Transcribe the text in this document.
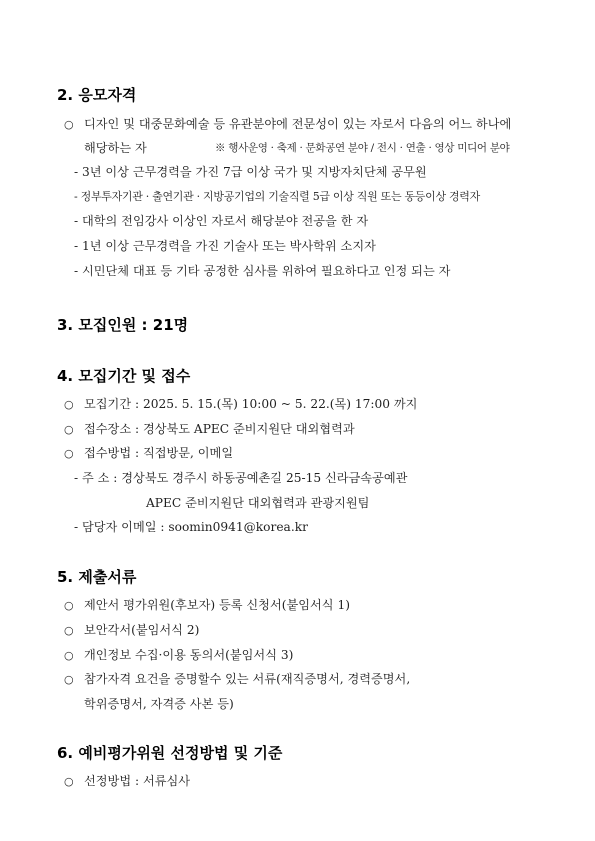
2. 응모자격
○ 디자인 및 대중문화예술 등 유관분야에 전문성이 있는 자로서 다음의 어느 하나에
해당하는 자	※ 행사운영 · 축제 · 문화공연 분야 / 전시 · 연출 · 영상 미디어 분야
- 3년 이상 근무경력을 가진 7급 이상 국가 및 지방자치단체 공무원
- 정부투자기관 · 출연기관 · 지방공기업의 기술직렬 5급 이상 직원 또는 동등이상 경력자
- 대학의 전임강사 이상인 자로서 해당분야 전공을 한 자
- 1년 이상 근무경력을 가진 기술사 또는 박사학위 소지자
- 시민단체 대표 등 기타 공정한 심사를 위하여 필요하다고 인정 되는 자
3. 모집인원 : 21명
4. 모집기간 및 접수
○ 모집기간 : 2025. 5. 15.(목) 10:00 ~ 5. 22.(목) 17:00 까지
○ 접수장소 : 경상북도 APEC 준비지원단 대외협력과
○ 접수방법 : 직접방문, 이메일
- 주 소 : 경상북도 경주시 하동공예촌길 25-15 신라금속공예관
APEC 준비지원단 대외협력과 관광지원팀
- 담당자 이메일 : soomin0941@korea.kr
5. 제출서류
○ 제안서 평가위원(후보자) 등록 신청서(붙임서식 1)
○ 보안각서(붙임서식 2)
○ 개인정보 수집·이용 동의서(붙임서식 3)
○ 참가자격 요건을 증명할수 있는 서류(재직증명서, 경력증명서,
학위증명서, 자격증 사본 등)
6. 예비평가위원 선정방법 및 기준
○ 선정방법 : 서류심사
